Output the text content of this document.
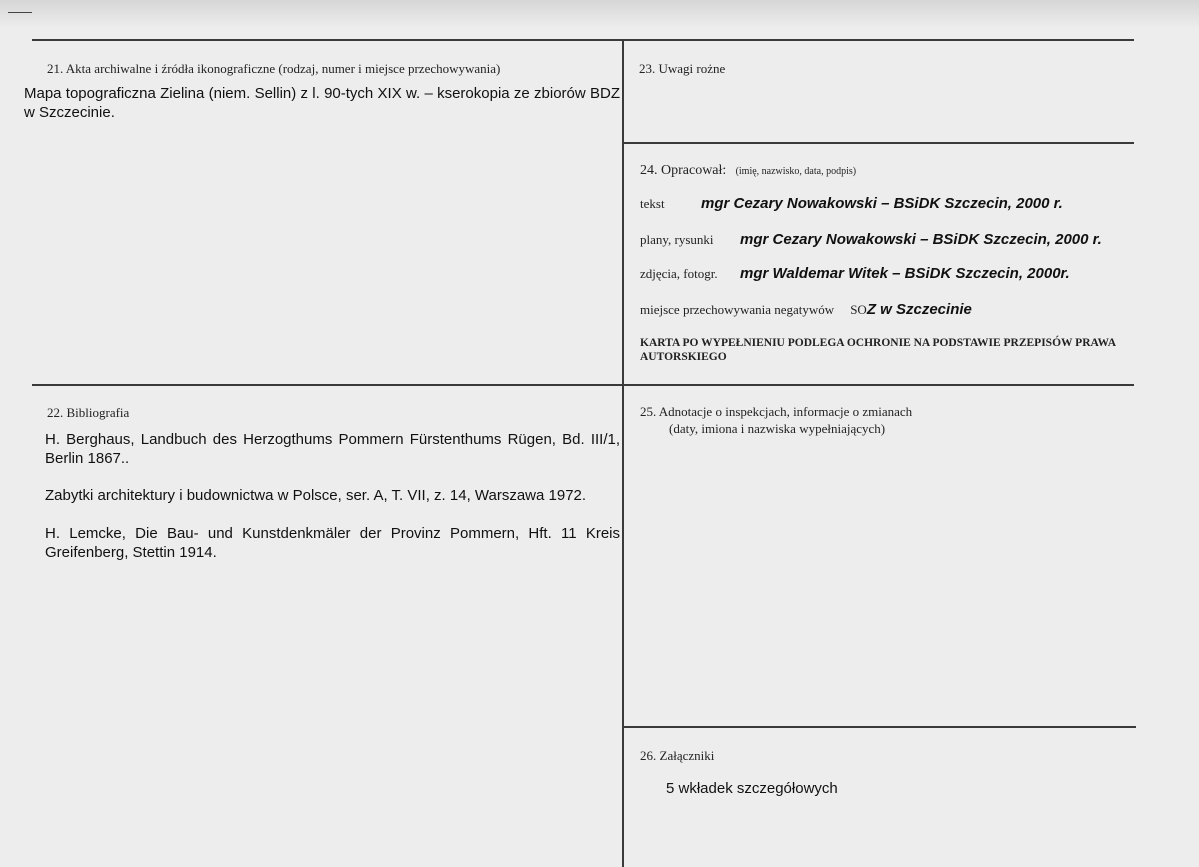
21. Akta archiwalne i źródła ikonograficzne (rodzaj, numer i miejsce przechowywania)
Mapa topograficzna Zielina (niem. Sellin) z l. 90-tych XIX w. – kserokopia ze zbiorów BDZ w Szczecinie.
23. Uwagi rożne
24. Opracował: (imię, nazwisko, data, podpis)
tekst mgr Cezary Nowakowski – BSiDK Szczecin, 2000 r.
plany, rysunki mgr Cezary Nowakowski – BSiDK Szczecin, 2000 r.
zdjęcia, fotogr. mgr Waldemar Witek – BSiDK Szczecin, 2000r.
miejsce przechowywania negatywów SOZ w Szczecinie
KARTA PO WYPEŁNIENIU PODLEGA OCHRONIE NA PODSTAWIE PRZEPISÓW PRAWA AUTORSKIEGO
22. Bibliografia
H. Berghaus, Landbuch des Herzogthums Pommern Fürstenthums Rügen, Bd. III/1, Berlin 1867..
Zabytki architektury i budownictwa w Polsce, ser. A, T. VII, z. 14, Warszawa 1972.
H. Lemcke, Die Bau- und Kunstdenkmäler der Provinz Pommern, Hft. 11 Kreis Greifenberg, Stettin 1914.
25. Adnotacje o inspekcjach, informacje o zmianach
(daty, imiona i nazwiska wypełniających)
26. Załączniki
5 wkładek szczegółowych
